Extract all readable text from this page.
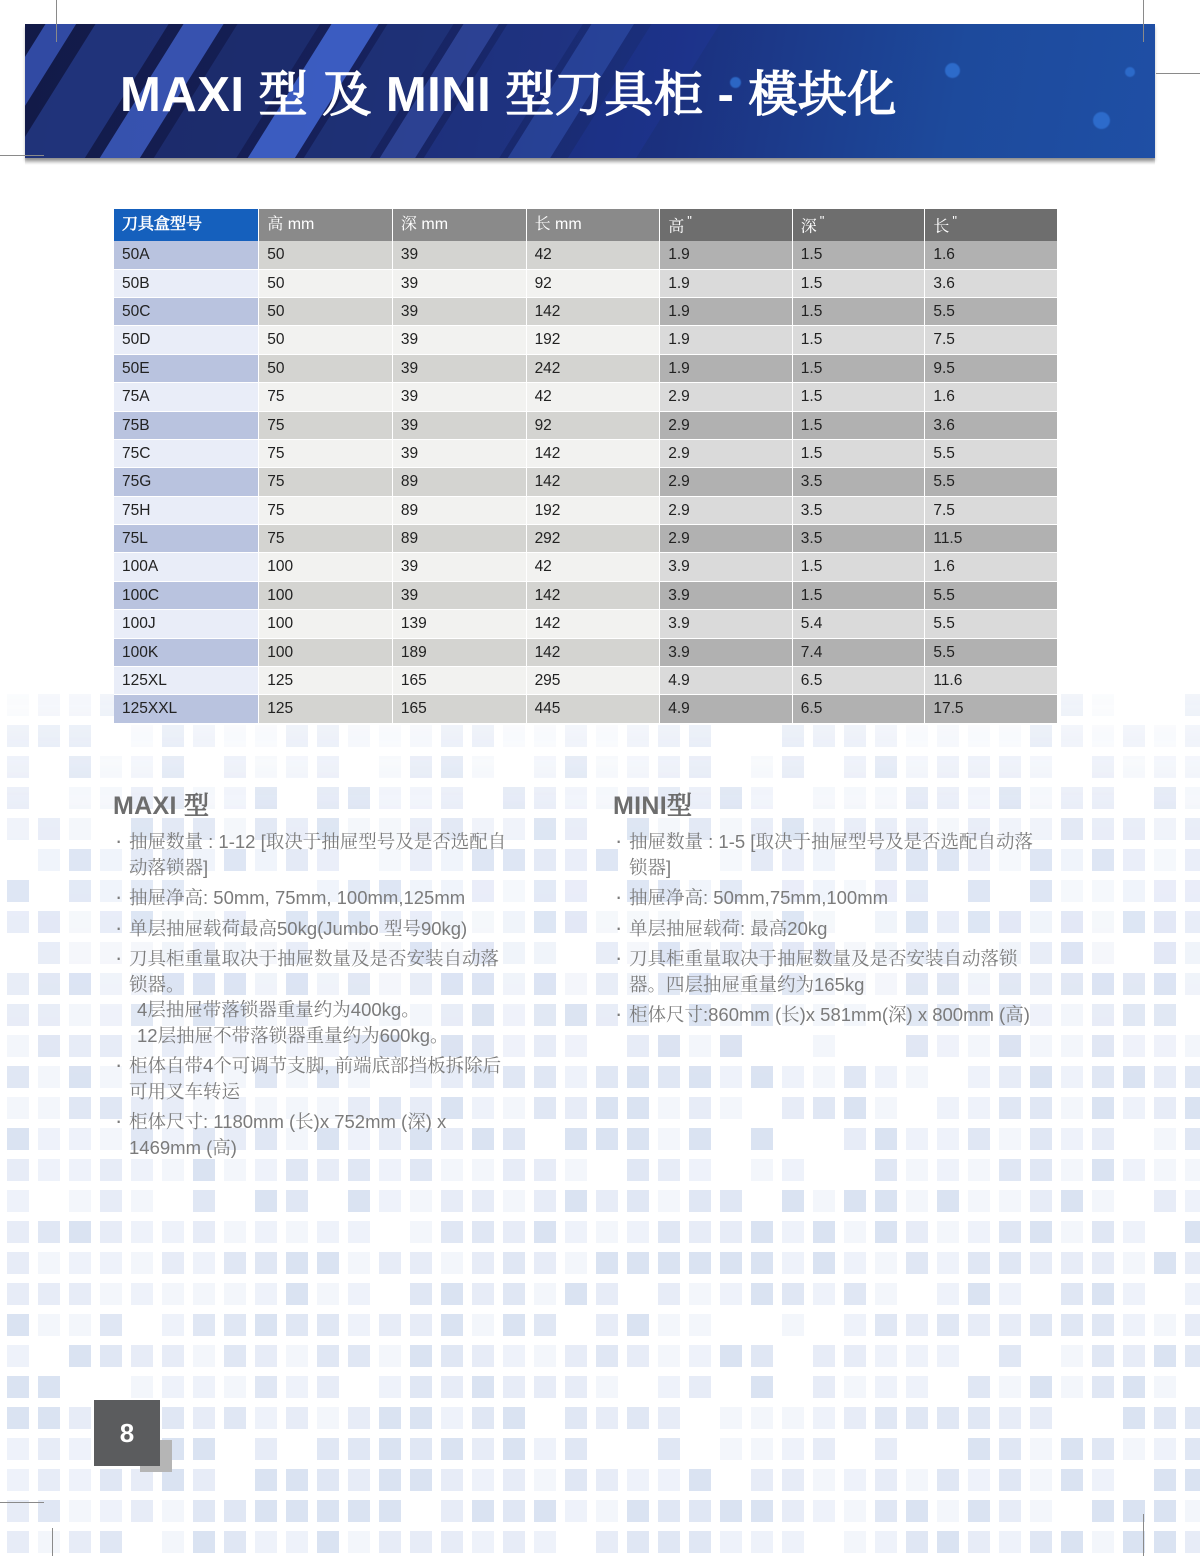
MAXI 型 及 MINI 型刀具柜 - 模块化
刀具盒型号	高 mm	深 mm	长 mm	高 "	深 "	长 "
50A	50	39	42	1.9	1.5	1.6
50B	50	39	92	1.9	1.5	3.6
50C	50	39	142	1.9	1.5	5.5
50D	50	39	192	1.9	1.5	7.5
50E	50	39	242	1.9	1.5	9.5
75A	75	39	42	2.9	1.5	1.6
75B	75	39	92	2.9	1.5	3.6
75C	75	39	142	2.9	1.5	5.5
75G	75	89	142	2.9	3.5	5.5
75H	75	89	192	2.9	3.5	7.5
75L	75	89	292	2.9	3.5	11.5
100A	100	39	42	3.9	1.5	1.6
100C	100	39	142	3.9	1.5	5.5
100J	100	139	142	3.9	5.4	5.5
100K	100	189	142	3.9	7.4	5.5
125XL	125	165	295	4.9	6.5	11.6
125XXL	125	165	445	4.9	6.5	17.5
MAXI 型
· 抽屉数量 : 1-12 [取决于抽屉型号及是否选配自动落锁器]
· 抽屉净高: 50mm, 75mm, 100mm,125mm
· 单层抽屉载荷最高50kg(Jumbo 型号90kg)
· 刀具柜重量取决于抽屉数量及是否安装自动落锁器。
4层抽屉带落锁器重量约为400kg。
12层抽屉不带落锁器重量约为600kg。
· 柜体自带4个可调节支脚, 前端底部挡板拆除后可用叉车转运
· 柜体尺寸: 1180mm (长)x 752mm (深) x 1469mm (高)
MINI型
· 抽屉数量 : 1-5 [取决于抽屉型号及是否选配自动落锁器]
· 抽屉净高: 50mm,75mm,100mm
· 单层抽屉载荷: 最高20kg
· 刀具柜重量取决于抽屉数量及是否安装自动落锁器。四层抽屉重量约为165kg
· 柜体尺寸:860mm (长)x 581mm(深) x 800mm (高)
8
